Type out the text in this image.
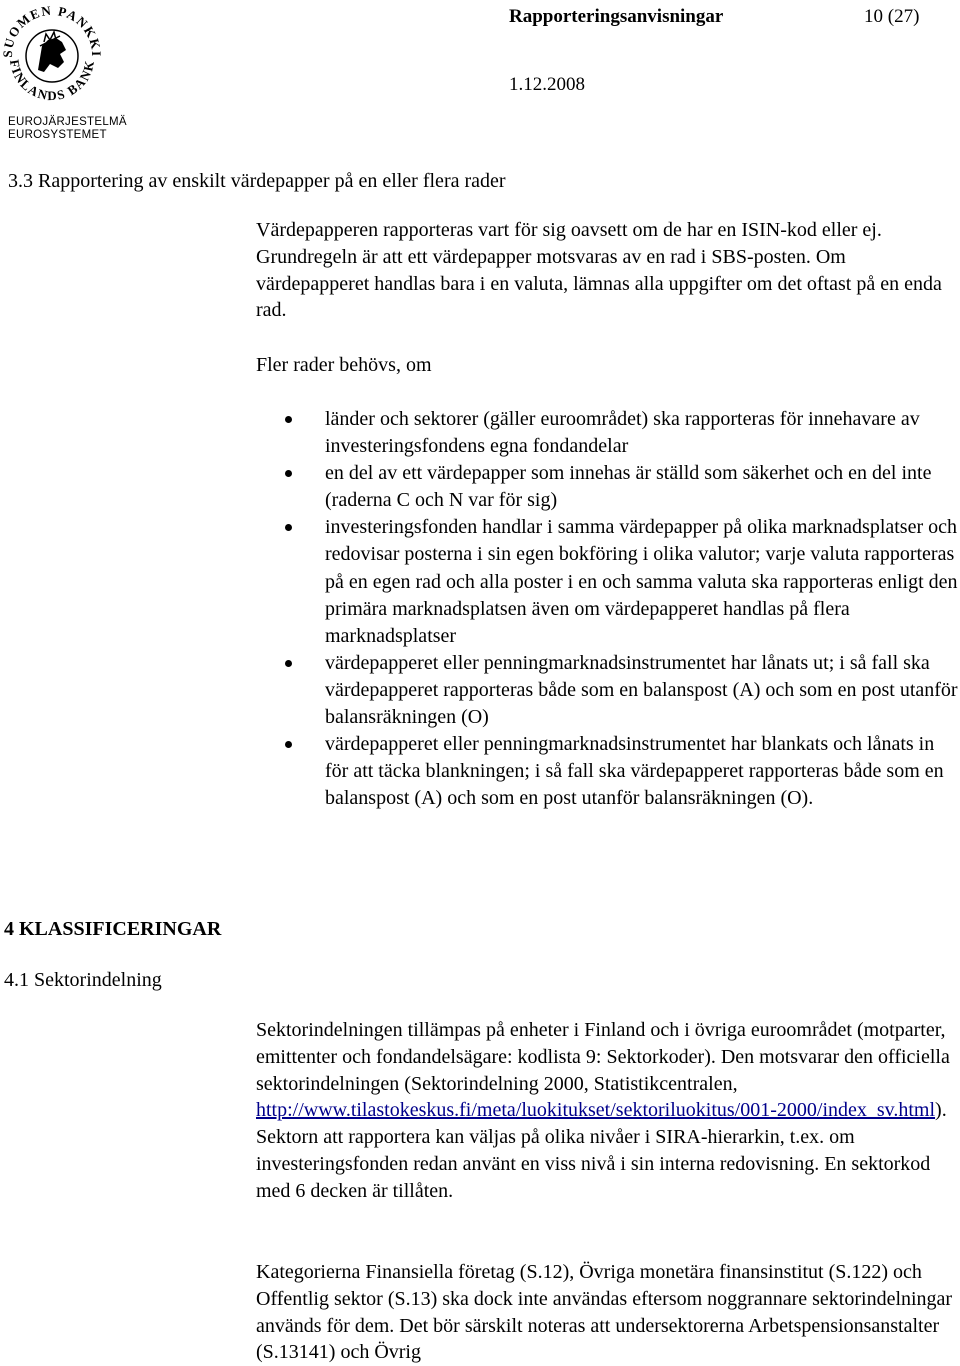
SUOMEN PANKKI
FINLANDS BANK
EUROJÄRJESTELMÄ
EUROSYSTEMET
Rapporteringsanvisningar	10 (27)
1.12.2008
3.3 Rapportering av enskilt värdepapper på en eller flera rader

Värdepapperen rapporteras vart för sig oavsett om de har en ISIN-kod eller ej. Grundregeln är att ett värdepapper motsvaras av en rad i SBS-posten. Om värdepapperet handlas bara i en valuta, lämnas alla uppgifter om det oftast på en enda rad.

Fler rader behövs, om

länder och sektorer (gäller euroområdet) ska rapporteras för innehavare av investeringsfondens egna fondandelar
en del av ett värdepapper som innehas är ställd som säkerhet och en del inte (raderna C och N var för sig)
investeringsfonden handlar i samma värdepapper på olika marknadsplatser och redovisar posterna i sin egen bokföring i olika valutor; varje valuta rapporteras på en egen rad och alla poster i en och samma valuta ska rapporteras enligt den primära marknadsplatsen även om värdepapperet handlas på flera marknadsplatser
värdepapperet eller penningmarknadsinstrumentet har lånats ut; i så fall ska värdepapperet rapporteras både som en balanspost (A) och som en post utanför balansräkningen (O)
värdepapperet eller penningmarknadsinstrumentet har blankats och lånats in för att täcka blankningen; i så fall ska värdepapperet rapporteras både som en balanspost (A) och som en post utanför balansräkningen (O).
4 KLASSIFICERINGAR
4.1 Sektorindelning

Sektorindelningen tillämpas på enheter i Finland och i övriga euroområdet (motparter, emittenter och fondandelsägare: kodlista 9: Sektorkoder). Den motsvarar den officiella sektorindelningen (Sektorindelning 2000, Statistikcentralen, http://www.tilastokeskus.fi/meta/luokitukset/sektoriluokitus/001-2000/index_sv.html). Sektorn att rapportera kan väljas på olika nivåer i SIRA-hierarkin, t.ex. om investeringsfonden redan använt en viss nivå i sin interna redovisning. En sektorkod med 6 decken är tillåten.

Kategorierna Finansiella företag (S.12), Övriga monetära finansinstitut (S.122) och Offentlig sektor (S.13) ska dock inte användas eftersom noggrannare sektorindelningar används för dem. Det bör särskilt noteras att undersektorerna Arbetspensionsanstalter (S.13141) och Övrig
